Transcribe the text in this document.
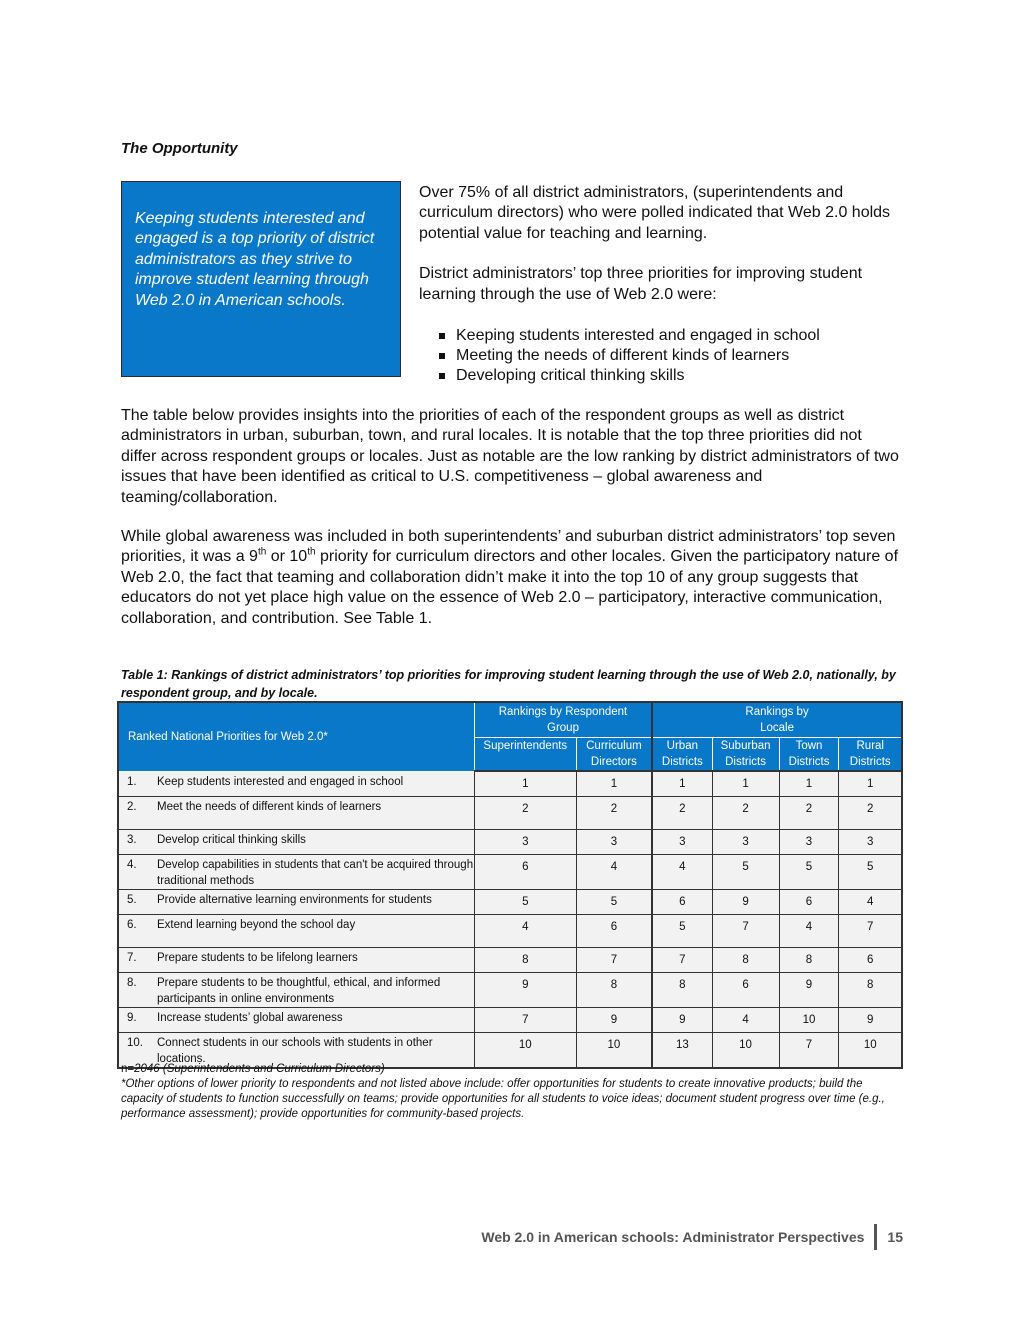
The Opportunity
Keeping students interested and engaged is a top priority of district administrators as they strive to improve student learning through Web 2.0 in American schools.

Over 75% of all district administrators, (superintendents and curriculum directors) who were polled indicated that Web 2.0 holds potential value for teaching and learning.

District administrators’ top three priorities for improving student learning through the use of Web 2.0 were:

Keeping students interested and engaged in school
Meeting the needs of different kinds of learners
Developing critical thinking skills
The table below provides insights into the priorities of each of the respondent groups as well as district administrators in urban, suburban, town, and rural locales. It is notable that the top three priorities did not differ across respondent groups or locales. Just as notable are the low ranking by district administrators of two issues that have been identified as critical to U.S. competitiveness – global awareness and teaming/collaboration.
While global awareness was included in both superintendents’ and suburban district administrators’ top seven priorities, it was a 9th or 10th priority for curriculum directors and other locales. Given the participatory nature of Web 2.0, the fact that teaming and collaboration didn’t make it into the top 10 of any group suggests that educators do not yet place high value on the essence of Web 2.0 – participatory, interactive communication, collaboration, and contribution. See Table 1.
Table 1: Rankings of district administrators’ top priorities for improving student learning through the use of Web 2.0, nationally, by respondent group, and by locale.
Ranked National Priorities for Web 2.0*	Rankings by Respondent Group		Rankings by Locale			
	Superintendents	Curriculum Directors	Urban Districts	Suburban Districts	Town Districts	Rural Districts

1. Keep students interested and engaged in school	1	1	1	1	1	1

2. Meet the needs of different kinds of learners	2	2	2	2	2	2

3. Develop critical thinking skills	3	3	3	3	3	3

4. Develop capabilities in students that can't be acquired through traditional methods	6	4	4	5	5	5

5. Provide alternative learning environments for students	5	5	6	9	6	4

6. Extend learning beyond the school day	4	6	5	7	4	7

7. Prepare students to be lifelong learners	8	7	7	8	8	6

8. Prepare students to be thoughtful, ethical, and informed participants in online environments	9	8	8	6	9	8

9. Increase students’ global awareness	7	9	9	4	10	9

10. Connect students in our schools with students in other locations.	10	10	13	10	7	10
n=2046 (Superintendents and Curriculum Directors)
*Other options of lower priority to respondents and not listed above include: offer opportunities for students to create innovative products; build the capacity of students to function successfully on teams; provide opportunities for all students to voice ideas; document student progress over time (e.g., performance assessment); provide opportunities for community-based projects.
Web 2.0 in American schools: Administrator Perspectives 15
